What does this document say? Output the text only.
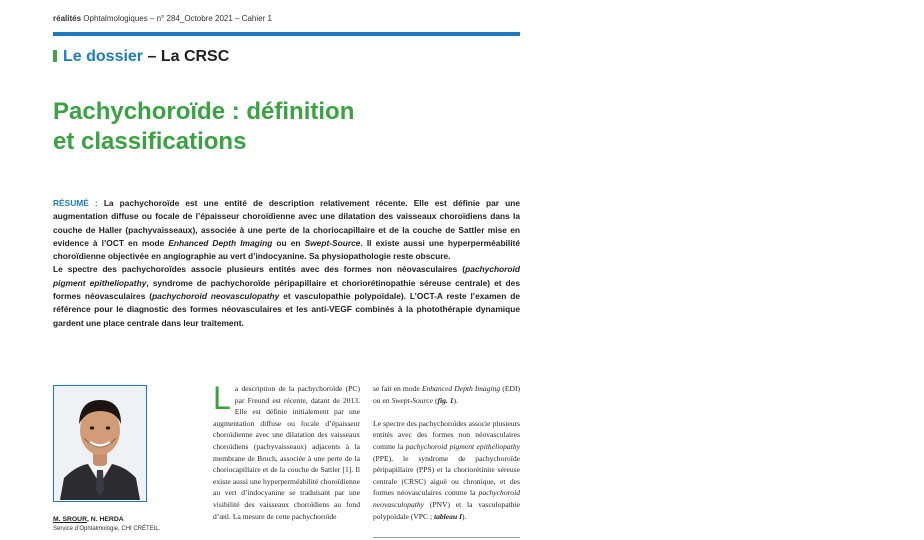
réalités Ophtalmologiques – n° 284_Octobre 2021 – Cahier 1
Le dossier – La CRSC
Pachychoroïde : définition
et classifications

RÉSUMÉ : La pachychoroïde est une entité de description relativement récente. Elle est définie par une augmentation diffuse ou focale de l’épaisseur choroïdienne avec une dilatation des vaisseaux choroïdiens dans la couche de Haller (pachyvaisseaux), associée à une perte de la choriocapillaire et de la couche de Sattler mise en evidence à l’OCT en mode Enhanced Depth Imaging ou en Swept-Source. Il existe aussi une hyperperméabilité choroïdienne objectivée en angiographie au vert d’indocyanine. Sa physiopathologie reste obscure.

Le spectre des pachychoroïdes associe plusieurs entités avec des formes non néovasculaires (pachychoroid pigment epitheliopathy, syndrome de pachychoroïde péripapillaire et choriorétinopathie séreuse centrale) et des formes néovasculaires (pachychoroid neovasculopathy et vasculopathie polypoïdale). L’OCT-A reste l’examen de référence pour le diagnostic des formes néovasculaires et les anti-VEGF combinés à la photothérapie dynamique gardent une place centrale dans leur traitement.

M. SROUR, N. HERDA
Service d’Ophtalmologie, CHI CRÉTEIL.
L a description de la pachychoroïde (PC) par Freund est récente, datant de 2013. Elle est définie initialement par une augmentation diffuse ou focale d’épaisseur choroïdienne avec une dilatation des vaisseaux choroïdiens (pachyvaisseaux) adjacents à la membrane de Bruch, associée à une perte de la choriocapillaire et de la couche de Sattler [1]. Il existe aussi une hyperperméabilité choroïdienne au vert d’indocyanine se traduisant par une visibilité des vaisseaux choroïdiens au fond d’œil. La mesure de cette pachychoroïde

se fait en mode Enhanced Depth Imaging (EDI) ou en Swept-Source (fig. 1).

Le spectre des pachychoroïdes associe plusieurs entités avec des formes non néovasculaires comme la pachychoroid pigment epitheliopathy (PPE), le syndrome de pachychoroïde péripapillaire (PPS) et la choriorétinite séreuse centrale (CRSC) aiguë ou chronique, et des formes néovasculaires comme la pachychoroid neovasculopathy (PNV) et la vasculopathie polypoïdale (VPC ; tableau I).
